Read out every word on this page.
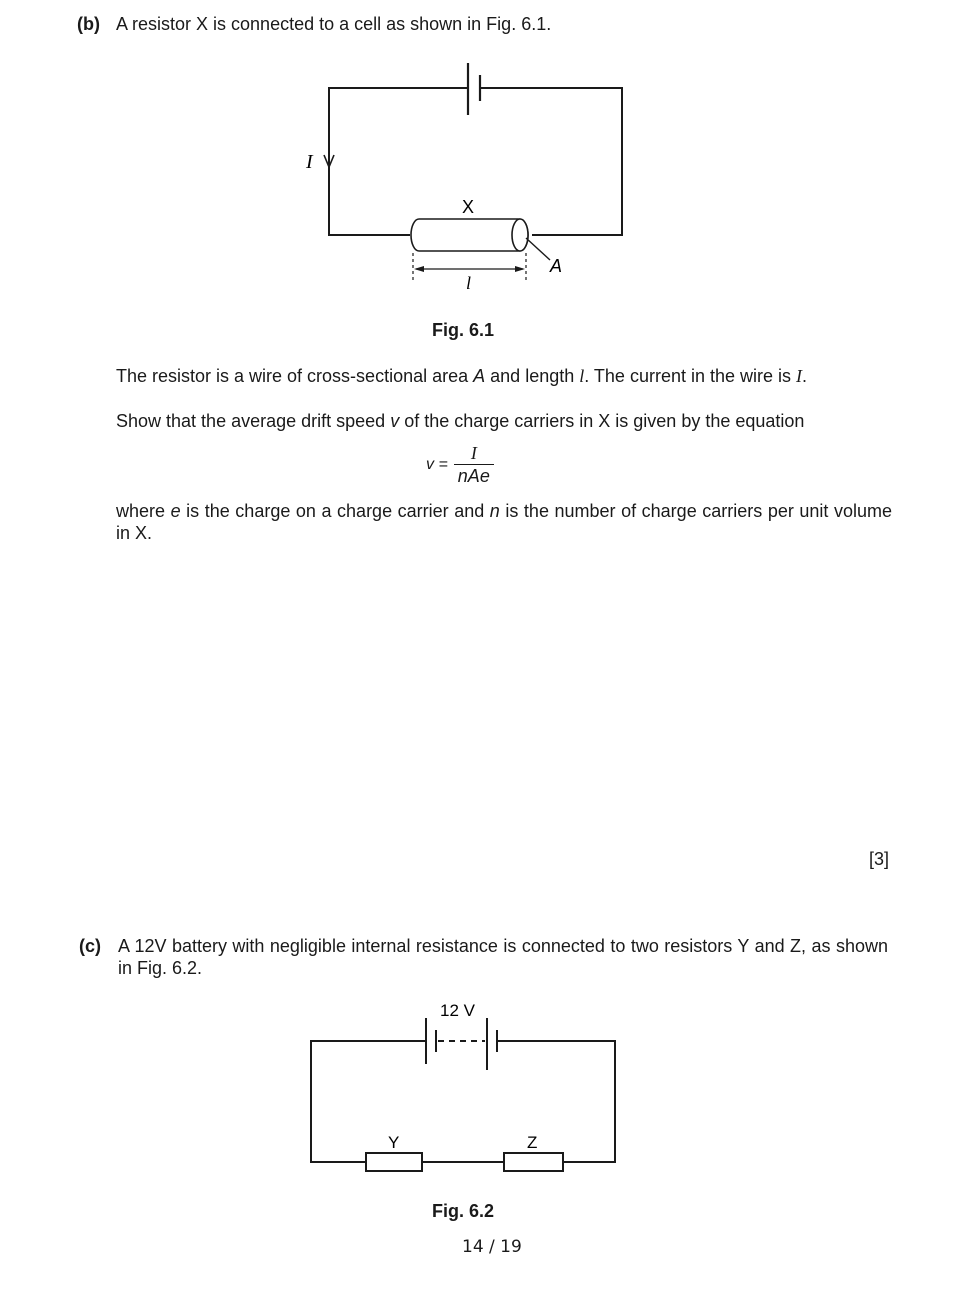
(b) A resistor X is connected to a cell as shown in Fig. 6.1.
I
X
A
l
Fig. 6.1
The resistor is a wire of cross-sectional area A and length l. The current in the wire is I.
Show that the average drift speed v of the charge carriers in X is given by the equation
$v = \frac{I}{\text{nAe}}$
where e is the charge on a charge carrier and n is the number of charge carriers per unit volume in X.
[3]
(c) A 12V battery with negligible internal resistance is connected to two resistors Y and Z, as shown in Fig. 6.2.
12 V
Y	Z
Fig. 6.2
14 / 19
